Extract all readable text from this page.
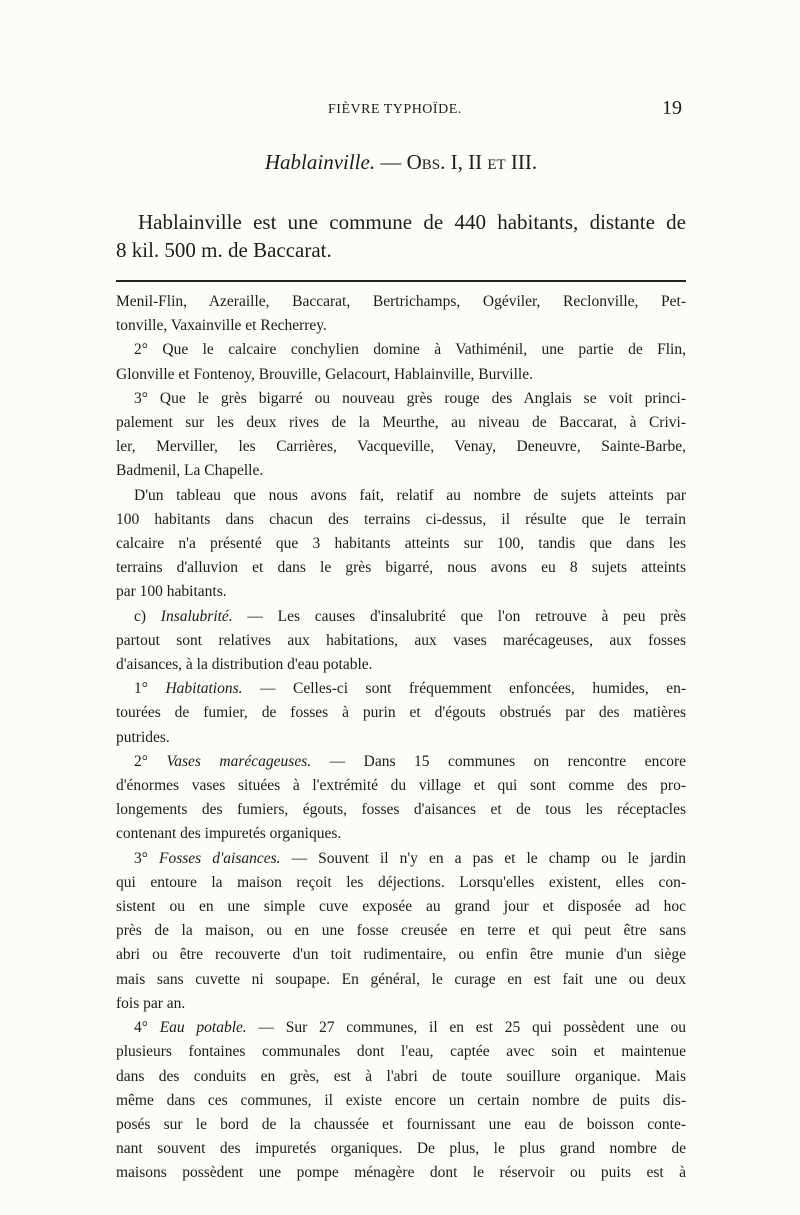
FIÈVRE TYPHOÏDE.	19
Hablainville. — Obs. I, II et III.
Hablainville est une commune de 440 habitants, distante de
8 kil. 500 m. de Baccarat.

Menil-Flin, Azeraille, Baccarat, Bertrichamps, Ogéviler, Reclonville, Pet-
tonville, Vaxainville et Recherrey.

2° Que le calcaire conchylien domine à Vathiménil, une partie de Flin,
Glonville et Fontenoy, Brouville, Gelacourt, Hablainville, Burville.

3° Que le grès bigarré ou nouveau grès rouge des Anglais se voit princi-
palement sur les deux rives de la Meurthe, au niveau de Baccarat, à Crivi-
ler, Merviller, les Carrières, Vacqueville, Venay, Deneuvre, Sainte-Barbe,
Badmenil, La Chapelle.

D'un tableau que nous avons fait, relatif au nombre de sujets atteints par
100 habitants dans chacun des terrains ci-dessus, il résulte que le terrain
calcaire n'a présenté que 3 habitants atteints sur 100, tandis que dans les
terrains d'alluvion et dans le grès bigarré, nous avons eu 8 sujets atteints
par 100 habitants.

c) Insalubrité. — Les causes d'insalubrité que l'on retrouve à peu près
partout sont relatives aux habitations, aux vases marécageuses, aux fosses
d'aisances, à la distribution d'eau potable.

1° Habitations. — Celles-ci sont fréquemment enfoncées, humides, en-
tourées de fumier, de fosses à purin et d'égouts obstrués par des matières
putrides.

2° Vases marécageuses. — Dans 15 communes on rencontre encore
d'énormes vases situées à l'extrémité du village et qui sont comme des pro-
longements des fumiers, égouts, fosses d'aisances et de tous les réceptacles
contenant des impuretés organiques.

3° Fosses d'aisances. — Souvent il n'y en a pas et le champ ou le jardin
qui entoure la maison reçoit les déjections. Lorsqu'elles existent, elles con-
sistent ou en une simple cuve exposée au grand jour et disposée ad hoc
près de la maison, ou en une fosse creusée en terre et qui peut être sans
abri ou être recouverte d'un toit rudimentaire, ou enfin être munie d'un siège
mais sans cuvette ni soupape. En général, le curage en est fait une ou deux
fois par an.

4° Eau potable. — Sur 27 communes, il en est 25 qui possèdent une ou
plusieurs fontaines communales dont l'eau, captée avec soin et maintenue
dans des conduits en grès, est à l'abri de toute souillure organique. Mais
même dans ces communes, il existe encore un certain nombre de puits dis-
posés sur le bord de la chaussée et fournissant une eau de boisson conte-
nant souvent des impuretés organiques. De plus, le plus grand nombre de
maisons possèdent une pompe ménagère dont le réservoir ou puits est à
